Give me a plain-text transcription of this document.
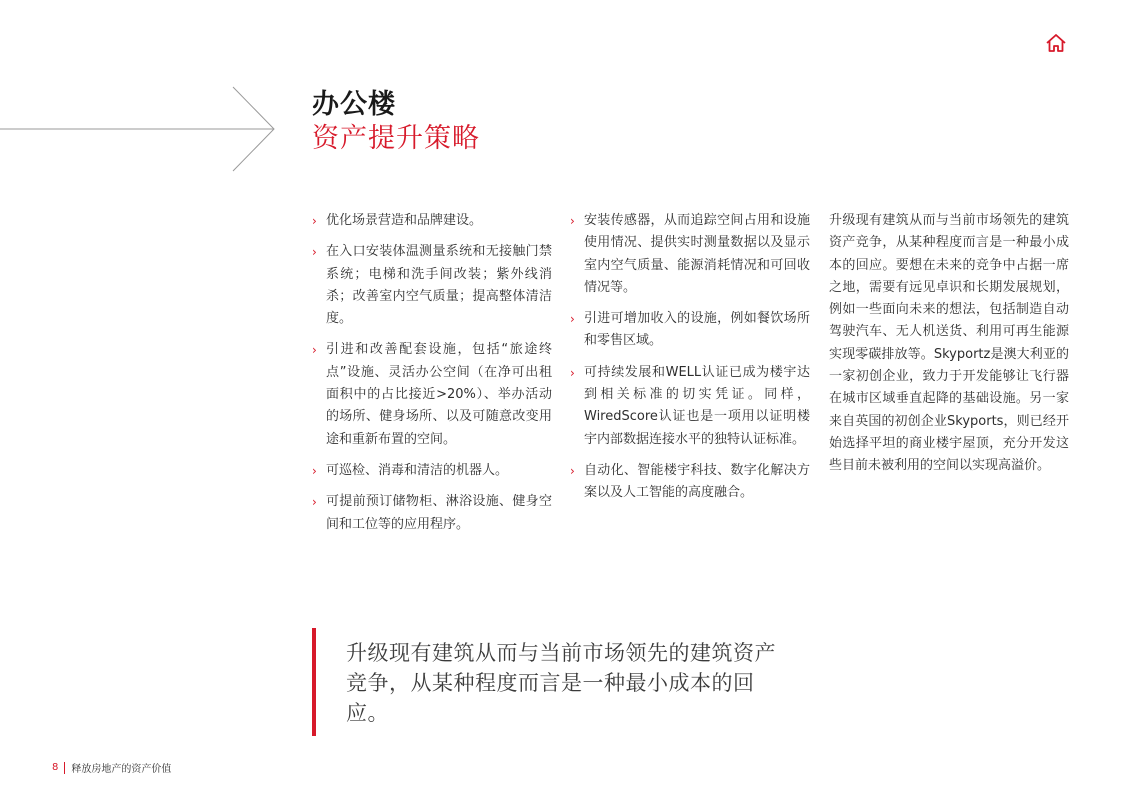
办公楼
资产提升策略
› 优化场景营造和品牌建设。
› 在入口安装体温测量系统和无接触门禁系统；电梯和洗手间改装；紫外线消杀；改善室内空气质量；提高整体清洁度。
› 引进和改善配套设施，包括“旅途终点”设施、灵活办公空间（在净可出租面积中的占比接近>20%）、举办活动的场所、健身场所、以及可随意改变用途和重新布置的空间。
› 可巡检、消毒和清洁的机器人。
› 可提前预订储物柜、淋浴设施、健身空间和工位等的应用程序。
› 安装传感器，从而追踪空间占用和设施使用情况、提供实时测量数据以及显示室内空气质量、能源消耗情况和可回收情况等。
› 引进可增加收入的设施，例如餐饮场所和零售区域。
› 可持续发展和WELL认证已成为楼宇达到相关标准的切实凭证。同样，WiredScore认证也是一项用以证明楼宇内部数据连接水平的独特认证标准。
› 自动化、智能楼宇科技、数字化解决方案以及人工智能的高度融合。
升级现有建筑从而与当前市场领先的建筑资产竞争，从某种程度而言是一种最小成本的回应。要想在未来的竞争中占据一席之地，需要有远见卓识和长期发展规划，例如一些面向未来的想法，包括制造自动驾驶汽车、无人机送货、利用可再生能源实现零碳排放等。Skyportz是澳大利亚的一家初创企业，致力于开发能够让飞行器在城市区域垂直起降的基础设施。另一家来自英国的初创企业Skyports，则已经开始选择平坦的商业楼宇屋顶，充分开发这些目前未被利用的空间以实现高溢价。
升级现有建筑从而与当前市场领先的建筑资产竞争，从某种程度而言是一种最小成本的回应。
8 释放房地产的资产价值
